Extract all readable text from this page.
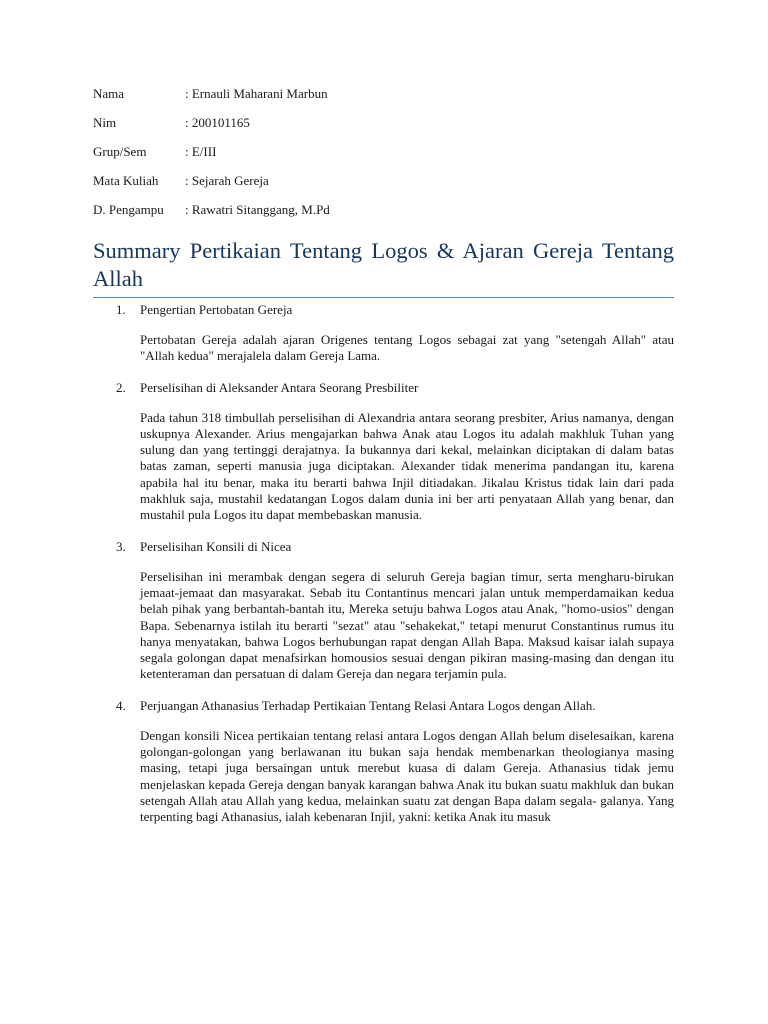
Nama	: Ernauli Maharani Marbun
Nim	: 200101165
Grup/Sem	: E/III
Mata Kuliah	: Sejarah Gereja
D. Pengampu	: Rawatri Sitanggang, M.Pd
Summary Pertikaian Tentang Logos & Ajaran Gereja Tentang Allah
1.	Pengertian Pertobatan Gereja
Pertobatan Gereja adalah ajaran Origenes tentang Logos sebagai zat yang "setengah Allah" atau "Allah kedua" merajalela dalam Gereja Lama.
2.	Perselisihan di Aleksander Antara Seorang Presbiliter
Pada tahun 318 timbullah perselisihan di Alexandria antara seorang presbiter, Arius namanya, dengan uskupnya Alexander. Arius mengajarkan bahwa Anak atau Logos itu adalah makhluk Tuhan yang sulung dan yang tertinggi derajatnya. Ia bukannya dari kekal, melainkan diciptakan di dalam batas batas zaman, seperti manusia juga diciptakan. Alexander tidak menerima pandangan itu, karena apabila hal itu benar, maka itu berarti bahwa Injil ditiadakan. Jikalau Kristus tidak lain dari pada makhluk saja, mustahil kedatangan Logos dalam dunia ini ber arti penyataan Allah yang benar, dan mustahil pula Logos itu dapat membebaskan manusia.
3.	Perselisihan Konsili di Nicea
Perselisihan ini merambak dengan segera di seluruh Gereja bagian timur, serta mengharu-birukan jemaat-jemaat dan masyarakat. Sebab itu Contantinus mencari jalan untuk memperdamaikan kedua belah pihak yang berbantah-bantah itu, Mereka setuju bahwa Logos atau Anak, "homo-usios" dengan Bapa. Sebenarnya istilah itu berarti "sezat" atau "sehakekat," tetapi menurut Constantinus rumus itu hanya menyatakan, bahwa Logos berhubungan rapat dengan Allah Bapa. Maksud kaisar ialah supaya segala golongan dapat menafsirkan homousios sesuai dengan pikiran masing-masing dan dengan itu ketenteraman dan persatuan di dalam Gereja dan negara terjamin pula.
4.	Perjuangan Athanasius Terhadap Pertikaian Tentang Relasi Antara Logos dengan Allah.
Dengan konsili Nicea pertikaian tentang relasi antara Logos dengan Allah belum diselesaikan, karena golongan-golongan yang berlawanan itu bukan saja hendak membenarkan theologianya masing masing, tetapi juga bersaingan untuk merebut kuasa di dalam Gereja. Athanasius tidak jemu menjelaskan kepada Gereja dengan banyak karangan bahwa Anak itu bukan suatu makhluk dan bukan setengah Allah atau Allah yang kedua, melainkan suatu zat dengan Bapa dalam segala- galanya. Yang terpenting bagi Athanasius, ialah kebenaran Injil, yakni: ketika Anak itu masuk
